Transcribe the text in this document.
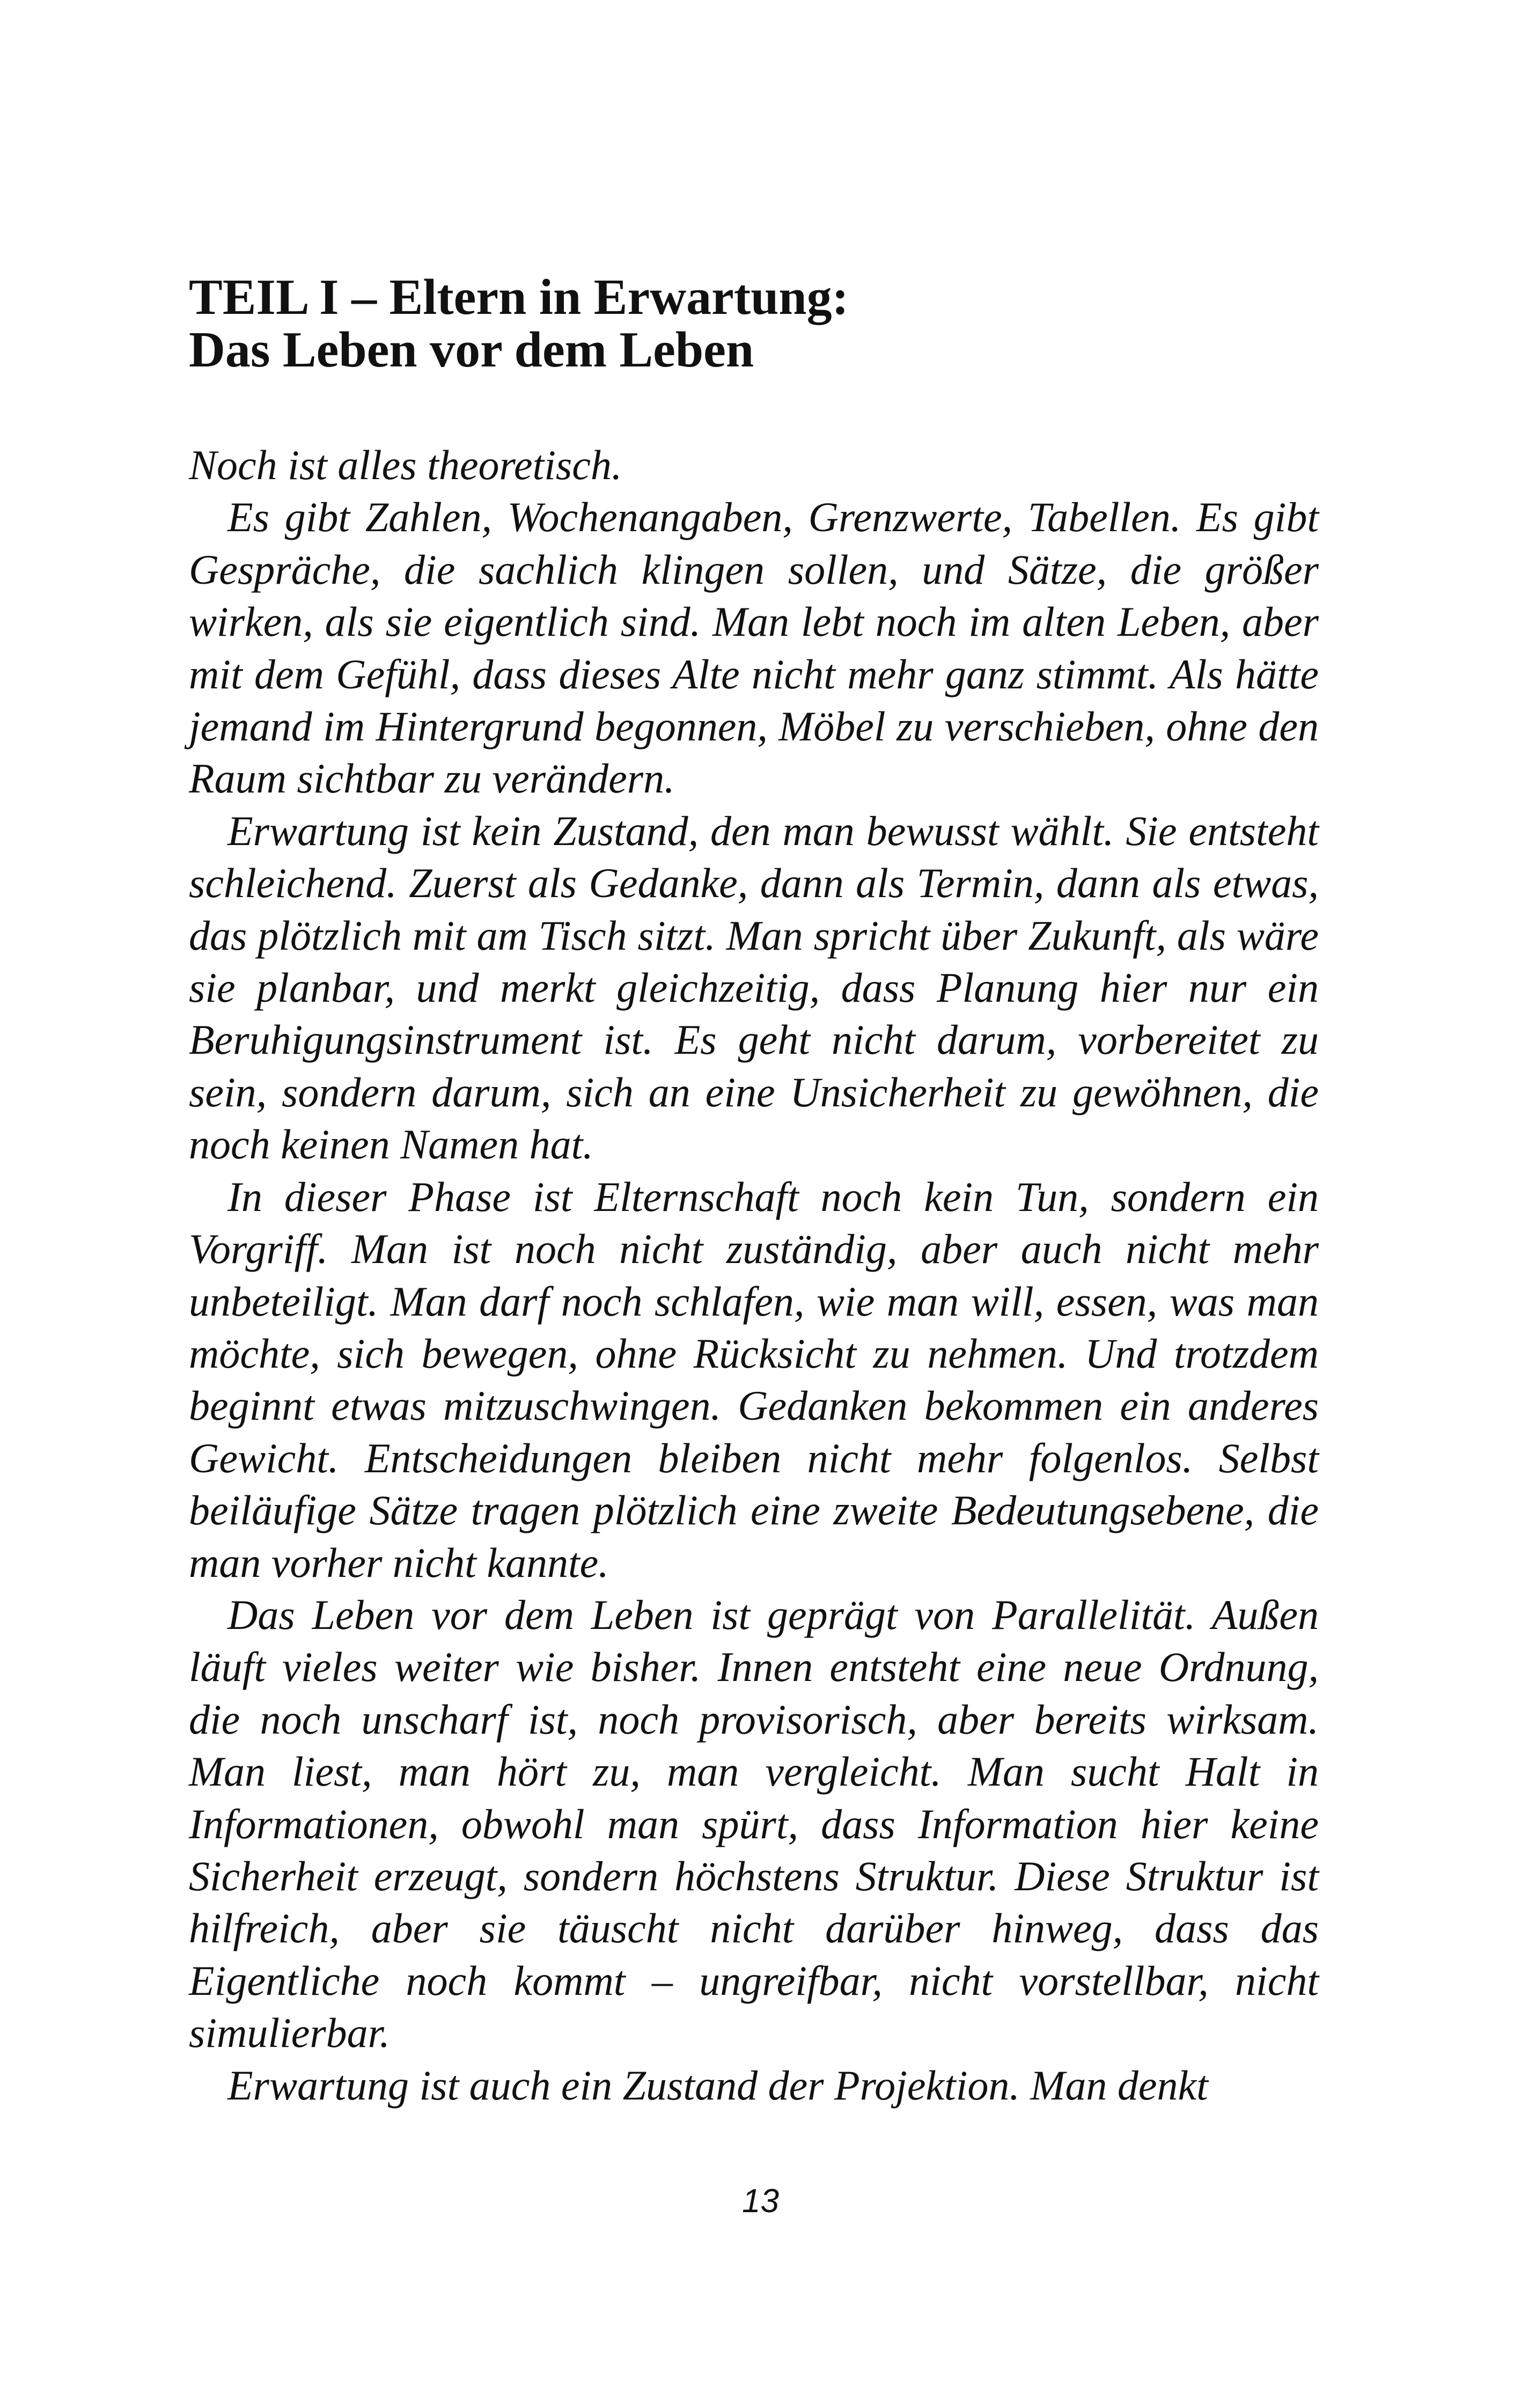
TEIL I – Eltern in Erwartung:
Das Leben vor dem Leben

Noch ist alles theoretisch.

Es gibt Zahlen, Wochenangaben, Grenzwerte, Tabellen. Es gibt Gespräche, die sachlich klingen sollen, und Sätze, die größer wirken, als sie eigentlich sind. Man lebt noch im alten Leben, aber mit dem Gefühl, dass dieses Alte nicht mehr ganz stimmt. Als hätte jemand im Hintergrund begonnen, Möbel zu verschieben, ohne den Raum sichtbar zu verändern.

Erwartung ist kein Zustand, den man bewusst wählt. Sie entsteht schleichend. Zuerst als Gedanke, dann als Termin, dann als etwas, das plötzlich mit am Tisch sitzt. Man spricht über Zukunft, als wäre sie planbar, und merkt gleichzeitig, dass Planung hier nur ein Beruhigungsinstrument ist. Es geht nicht darum, vorbereitet zu sein, sondern darum, sich an eine Unsicherheit zu gewöhnen, die noch keinen Namen hat.

In dieser Phase ist Elternschaft noch kein Tun, sondern ein Vorgriff. Man ist noch nicht zuständig, aber auch nicht mehr unbeteiligt. Man darf noch schlafen, wie man will, essen, was man möchte, sich bewegen, ohne Rücksicht zu nehmen. Und trotzdem beginnt etwas mitzuschwingen. Gedanken bekommen ein anderes Gewicht. Entscheidungen bleiben nicht mehr folgenlos. Selbst beiläufige Sätze tragen plötzlich eine zweite Bedeutungsebene, die man vorher nicht kannte.

Das Leben vor dem Leben ist geprägt von Parallelität. Außen läuft vieles weiter wie bisher. Innen entsteht eine neue Ordnung, die noch unscharf ist, noch provisorisch, aber bereits wirksam. Man liest, man hört zu, man vergleicht. Man sucht Halt in Informationen, obwohl man spürt, dass Information hier keine Sicherheit erzeugt, sondern höchstens Struktur. Diese Struktur ist hilfreich, aber sie täuscht nicht darüber hinweg, dass das Eigentliche noch kommt – ungreifbar, nicht vorstellbar, nicht simulierbar.

Erwartung ist auch ein Zustand der Projektion. Man denkt

13
